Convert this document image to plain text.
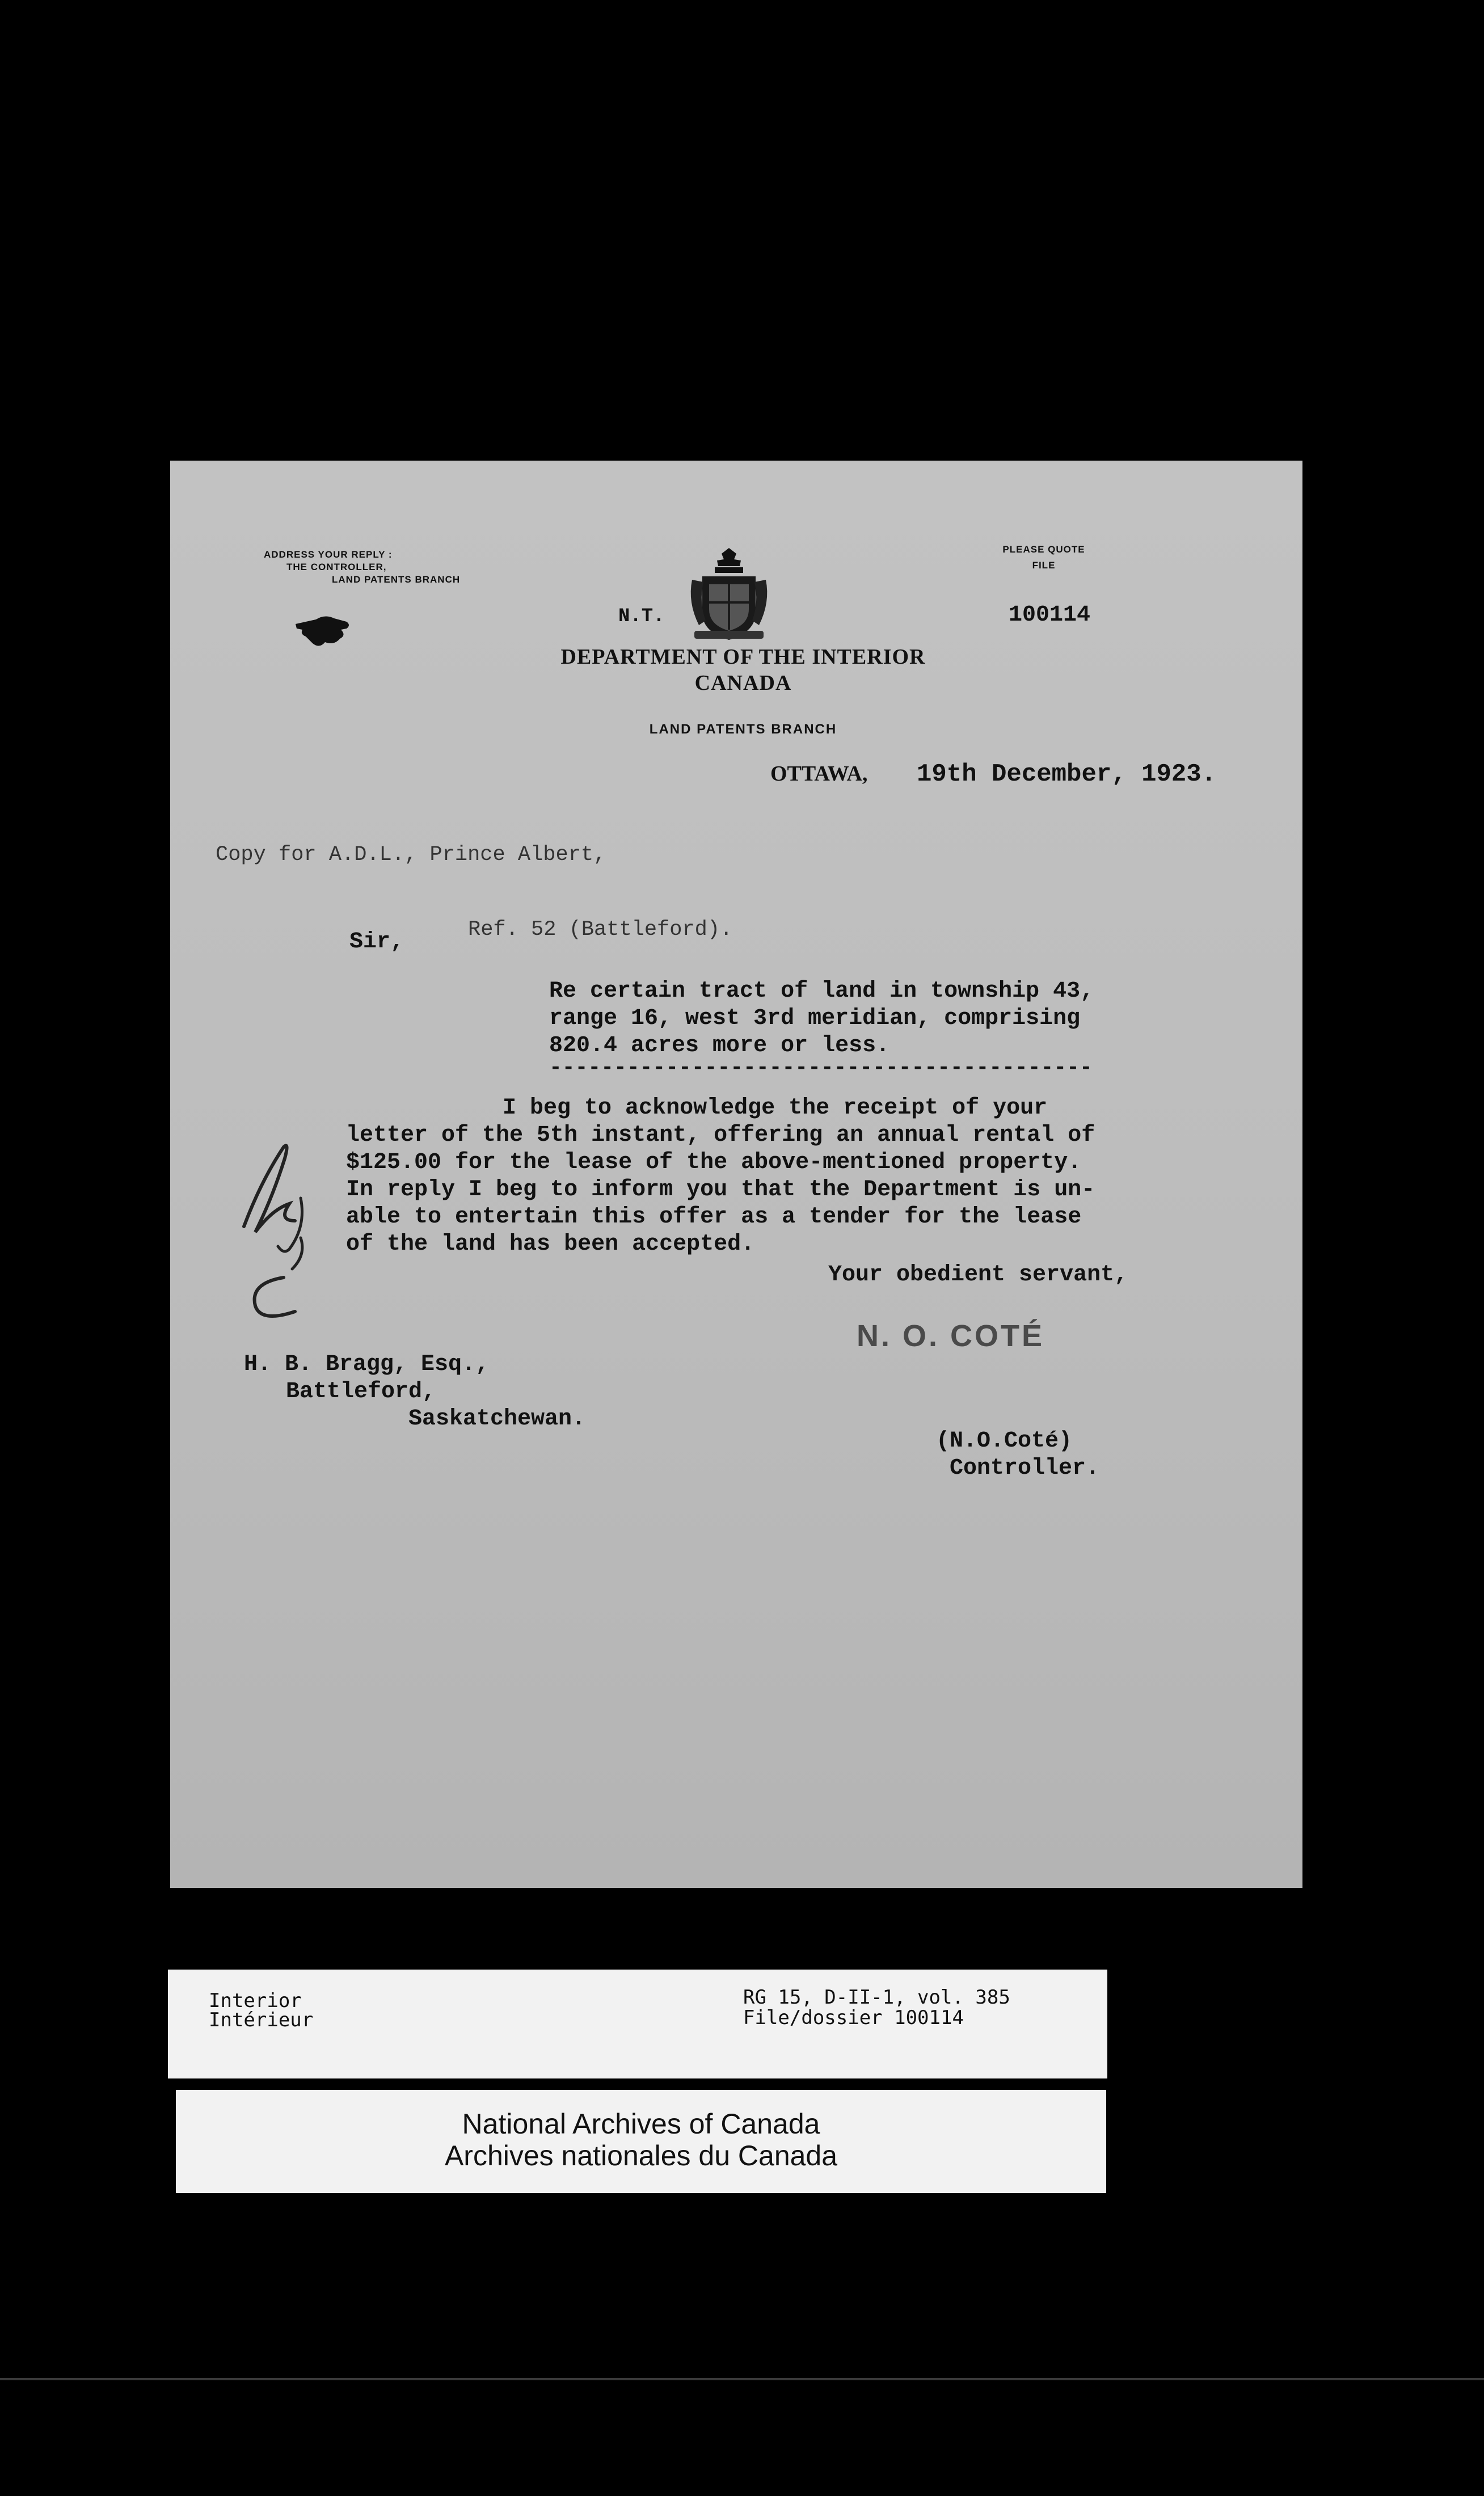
ADDRESS YOUR REPLY :
THE CONTROLLER,
LAND PATENTS BRANCH
PLEASE QUOTE
FILE
100114
N.T.
DEPARTMENT OF THE INTERIOR
CANADA
LAND PATENTS BRANCH
OTTAWA, 19th December, 1923.

Copy for A.D.L., Prince Albert,

Ref. 52 (Battleford).

Sir,
Re certain tract of land in township 43,
range 16, west 3rd meridian, comprising
820.4 acres more or less.
------------------------------------------
I beg to acknowledge the receipt of your
letter of the 5th instant, offering an annual rental of
$125.00 for the lease of the above-mentioned property.
In reply I beg to inform you that the Department is un-
able to entertain this offer as a tender for the lease
of the land has been accepted.
Your obedient servant,
N. O. COTÉ
H. B. Bragg, Esq.,
Battleford,
Saskatchewan.
(N.O.Coté)
Controller.
Interior
Intérieur
RG 15, D-II-1, vol. 385
File/dossier 100114
National Archives of Canada
Archives nationales du Canada
